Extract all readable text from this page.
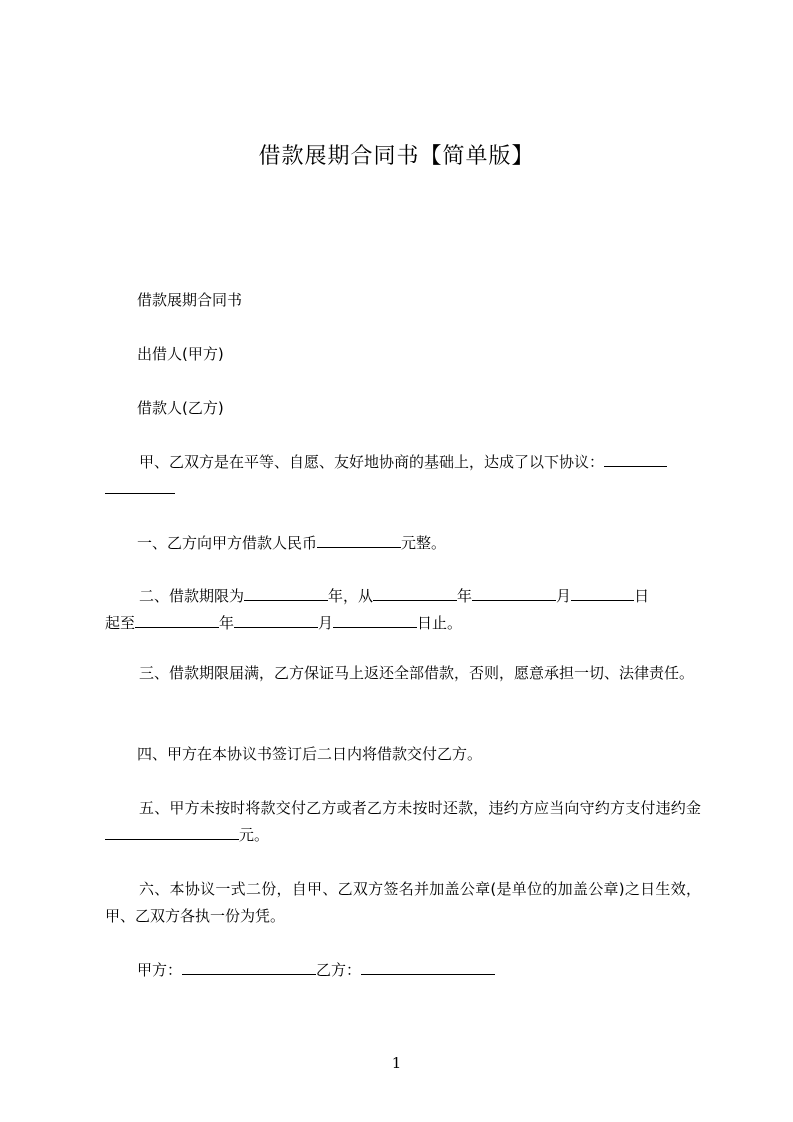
借款展期合同书【简单版】
借款展期合同书
出借人(甲方)
借款人(乙方)
甲、乙双方是在平等、自愿、友好地协商的基础上，达成了以下协议：

一、乙方向甲方借款人民币	元整。
二、借款期限为	年，从	年	月	日
起至	年	月	日止。
三、借款期限届满，乙方保证马上返还全部借款，否则，愿意承担一切、法律责任。
四、甲方在本协议书签订后二日内将借款交付乙方。
五、甲方未按时将款交付乙方或者乙方未按时还款，违约方应当向守约方支付违约金元。
六、本协议一式二份，自甲、乙双方签名并加盖公章(是单位的加盖公章)之日生效，甲、乙双方各执一份为凭。
甲方：	乙方：
1
